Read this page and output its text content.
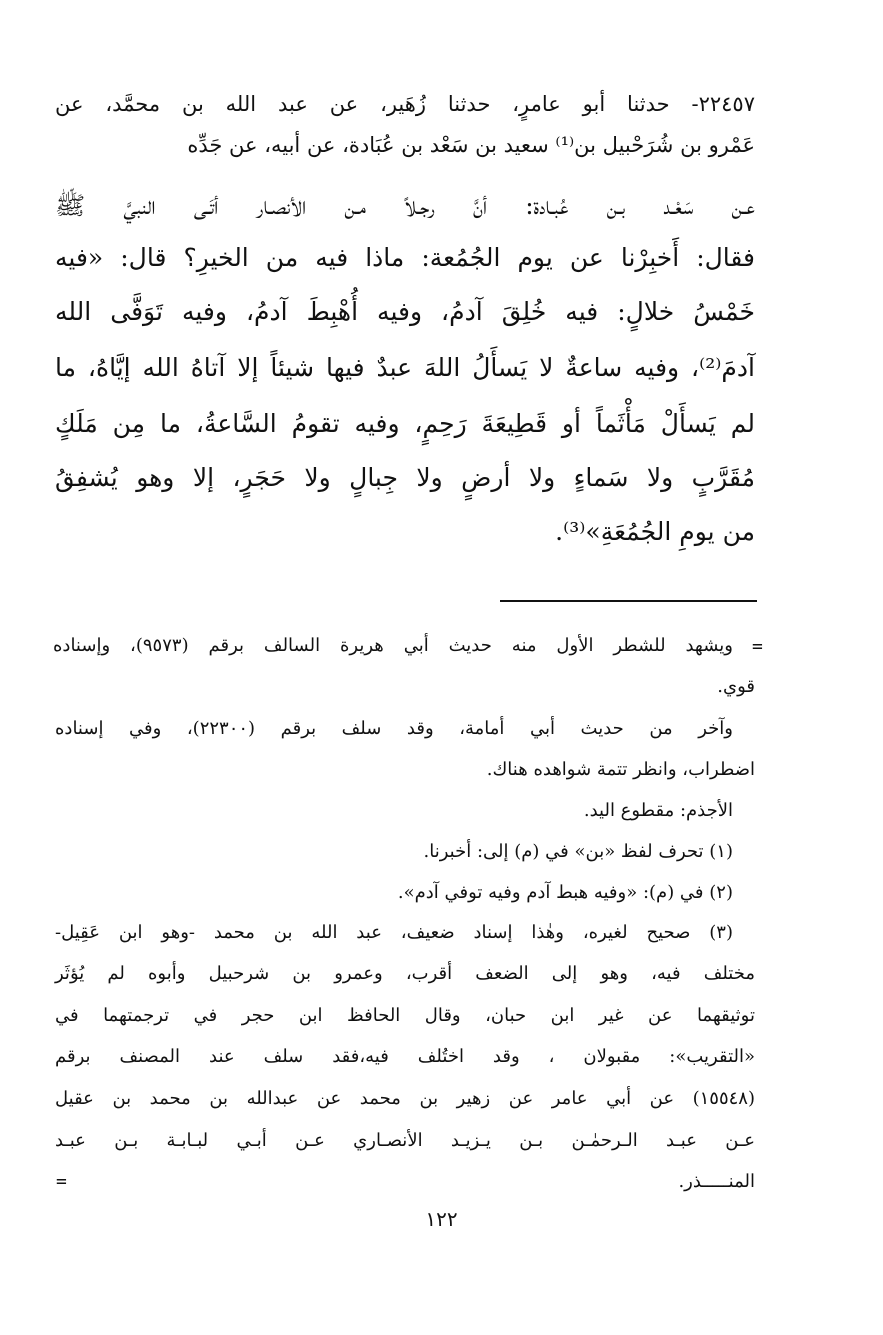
٢٢٤٥٧- حدثنا أبو عامرٍ، حدثنا زُهَير، عن عبد الله بن محمَّد، عن
عَمْرو بن شُرَحْبيل بن⁽¹⁾ سعيد بن سَعْد بن عُبَادة، عن أبيه، عن جَدِّه
عـن سَعْـد بـن عُبـادة: أنَّ رجـلاً مـن الأنصـار أتَـى النبيَّ ﷺ
فقال: أَخبِرْنا عن يوم الجُمُعة: ماذا فيه من الخيرِ؟ قال: «فيه
خَمْسُ خلالٍ: فيه خُلِقَ آدمُ، وفيه أُهْبِطَ آدمُ، وفيه تَوَفَّى الله
آدمَ⁽²⁾، وفيه ساعةٌ لا يَسأَلُ اللهَ عبدٌ فيها شيئاً إلا آتاهُ الله إيَّاهُ، ما
لم يَسأَلْ مَأْثَماً أو قَطِيعَةَ رَحِمٍ، وفيه تقومُ السَّاعةُ، ما مِن مَلَكٍ
مُقَرَّبٍ ولا سَماءٍ ولا أرضٍ ولا جِبالٍ ولا حَجَرٍ، إلا وهو يُشفِقُ
من يومِ الجُمُعَةِ»⁽³⁾.
=
ويشهد للشطر الأول منه حديث أبي هريرة السالف برقم (٩٥٧٣)، وإسناده
قوي.
وآخر من حديث أبي أمامة، وقد سلف برقم (٢٢٣٠٠)، وفي إسناده
اضطراب، وانظر تتمة شواهده هناك.
الأجذم: مقطوع اليد.
(١) تحرف لفظ «بن» في (م) إلى: أخبرنا.
(٢) في (م): «وفيه هبط آدم وفيه توفي آدم».
(٣) صحيح لغيره، وهٰذا إسناد ضعيف، عبد الله بن محمد -وهو ابن عَقِيل-
مختلف فيه، وهو إلى الضعف أقرب، وعمرو بن شرحبيل وأبوه لم يُؤثَر
توثيقهما عن غير ابن حبان، وقال الحافظ ابن حجر في ترجمتهما في
«التقريب»: مقبولان ، وقد اختُلف فيه،فقد سلف عند المصنف برقم
(١٥٥٤٨) عن أبي عامر عن زهير بن محمد عن عبدالله بن محمد بن عقيل
عـن عبـد الـرحمٰـن بـن يـزيـد الأنصـاري عـن أبـي لبـابـة بـن عبـد
المنـــــذر.
=
١٢٢
